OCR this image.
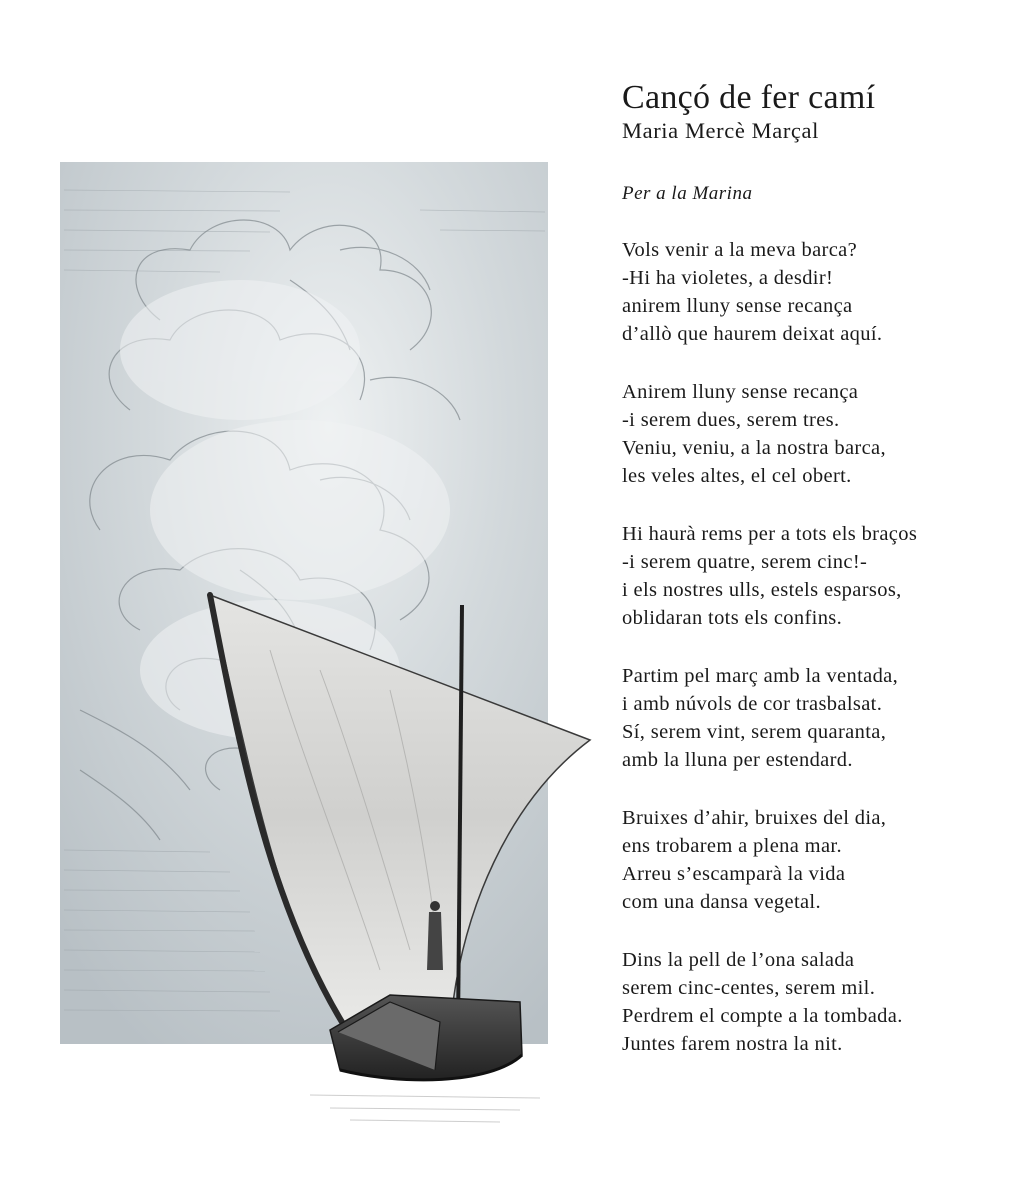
Cançó de fer camí
Maria Mercè Marçal
Per a la Marina
Vols venir a la meva barca?
-Hi ha violetes, a desdir!
anirem lluny sense recança
d’allò que haurem deixat aquí.
Anirem lluny sense recança
-i serem dues, serem tres.
Veniu, veniu, a la nostra barca,
les veles altes, el cel obert.
Hi haurà rems per a tots els braços
-i serem quatre, serem cinc!-
i els nostres ulls, estels esparsos,
oblidaran tots els confins.
Partim pel març amb la ventada,
i amb núvols de cor trasbalsat.
Sí, serem vint, serem quaranta,
amb la lluna per estendard.
Bruixes d’ahir, bruixes del dia,
ens trobarem a plena mar.
Arreu s’escamparà la vida
com una dansa vegetal.
Dins la pell de l’ona salada
serem cinc-centes, serem mil.
Perdrem el compte a la tombada.
Juntes farem nostra la nit.
